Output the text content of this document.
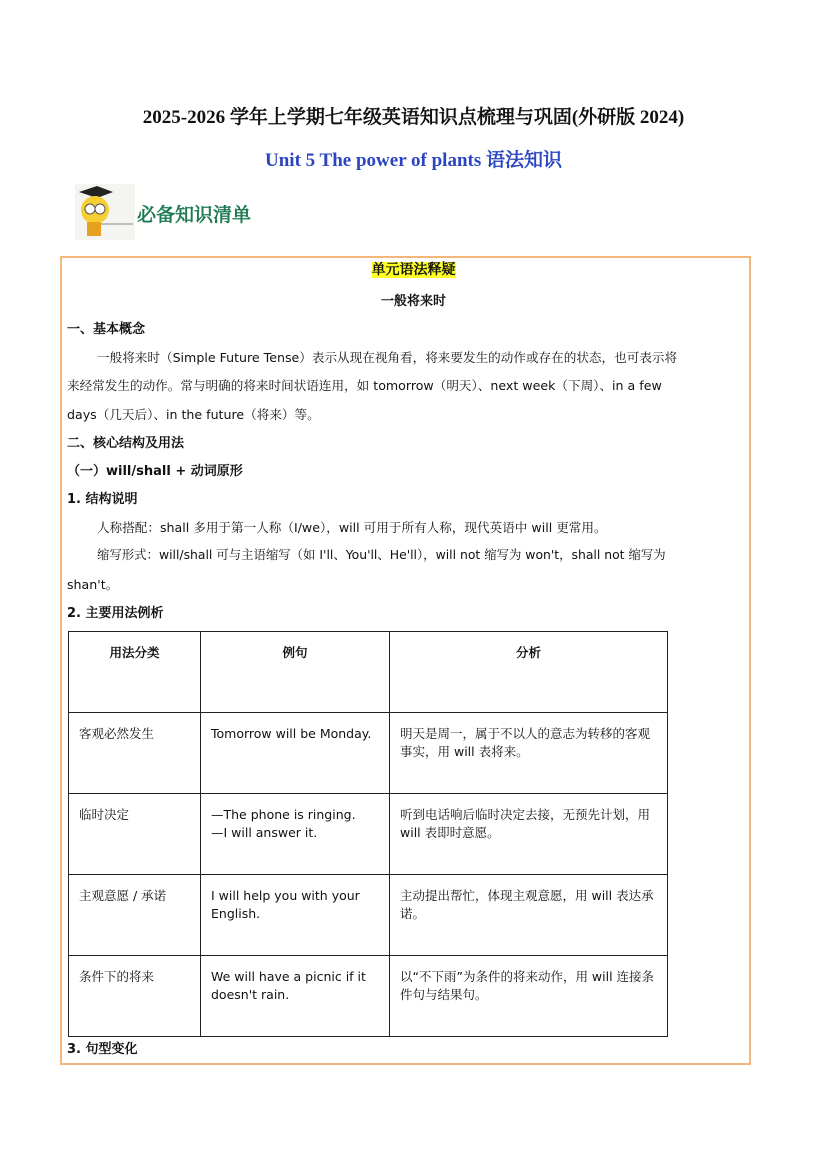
2025-2026 学年上学期七年级英语知识点梳理与巩固(外研版 2024)
Unit 5 The power of plants 语法知识
必备知识清单
单元语法释疑
一般将来时
一、基本概念
一般将来时（Simple Future Tense）表示从现在视角看，将来要发生的动作或存在的状态，也可表示将
来经常发生的动作。常与明确的将来时间状语连用，如 tomorrow（明天）、next week（下周）、in a few
days（几天后）、in the future（将来）等。
二、核心结构及用法
（一）will/shall + 动词原形
1. 结构说明
人称搭配：shall 多用于第一人称（I/we），will 可用于所有人称，现代英语中 will 更常用。
缩写形式：will/shall 可与主语缩写（如 I'll、You'll、He'll），will not 缩写为 won't，shall not 缩写为
shan't。
2. 主要用法例析
用法分类	例句	分析
客观必然发生	Tomorrow will be Monday.	明天是周一，属于不以人的意志为转移的客观事实，用 will 表将来。
临时决定	—The phone is ringing.
—I will answer it.	听到电话响后临时决定去接，无预先计划，用 will 表即时意愿。
主观意愿 / 承诺	I will help you with your English.	主动提出帮忙，体现主观意愿，用 will 表达承诺。
条件下的将来	We will have a picnic if it doesn't rain.	以“不下雨”为条件的将来动作，用 will 连接条件句与结果句。
3. 句型变化
